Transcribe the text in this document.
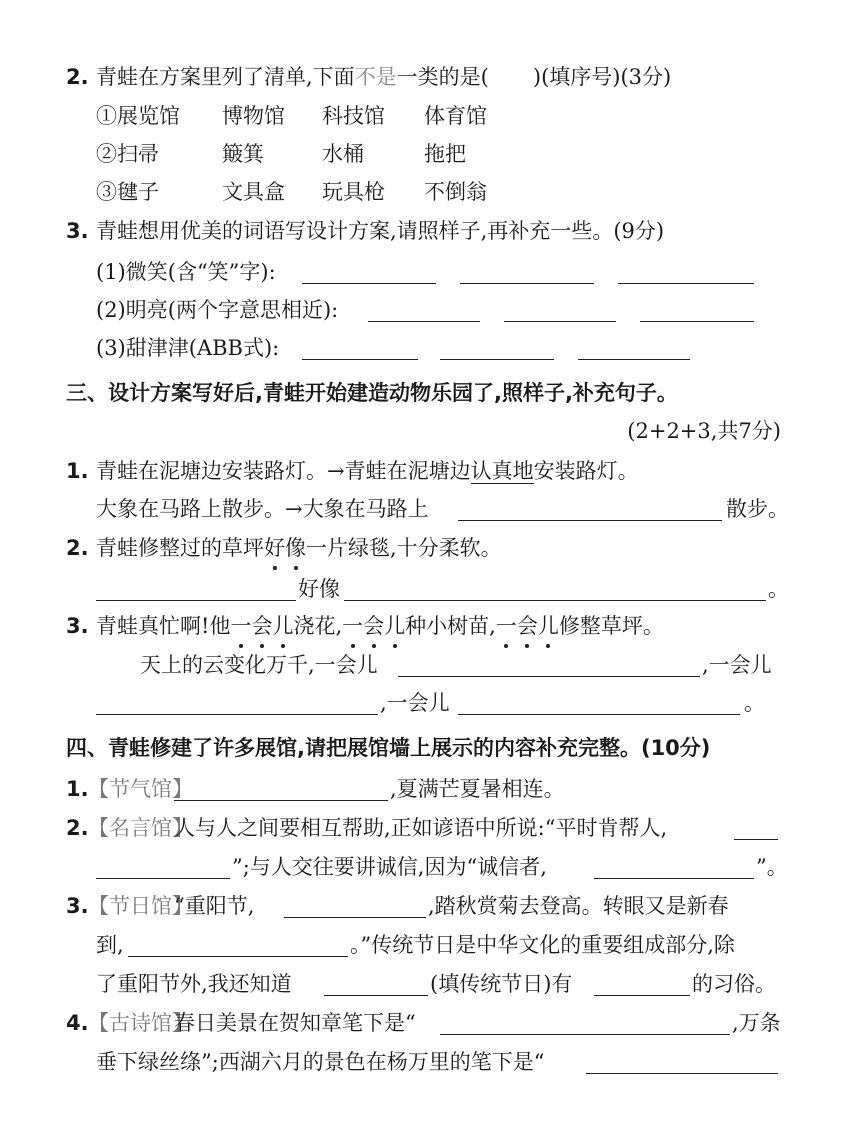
2. 青蛙在方案里列了清单,下面不是一类的是( )(填序号)(3分)
①展览馆 博物馆 科技馆 体育馆
②扫帚	簸箕	水桶	拖把
③毽子	文具盒 玩具枪 不倒翁
3. 青蛙想用优美的词语写设计方案,请照样子,再补充一些。(9分)
(1)微笑(含“笑”字):
(2)明亮(两个字意思相近):
(3)甜津津(ABB式):
三、设计方案写好后,青蛙开始建造动物乐园了,照样子,补充句子。
(2+2+3,共7分)
1. 青蛙在泥塘边安装路灯。→青蛙在泥塘边认真地安装路灯。
大象在马路上散步。→大象在马路上	散步。
2. 青蛙修整过的草坪好像一片绿毯,十分柔软。
好像	。
3. 青蛙真忙啊!他一会儿浇花,一会儿种小树苗,一会儿修整草坪。
天上的云变化万千,一会儿	,一会儿
,一会儿	。
四、青蛙修建了许多展馆,请把展馆墙上展示的内容补充完整。(10分)
1. 【节气馆】	,夏满芒夏暑相连。
2. 【名言馆】
人与人之间要相互帮助,正如谚语中所说:“平时肯帮人,
”;与人交往要讲诚信,因为“诚信者,	”。
3. 【节日馆】
“重阳节,	,踏秋赏菊去登高。转眼又是新春
到,	。”传统节日是中华文化的重要组成部分,除
了重阳节外,我还知道	(填传统节日)有	的习俗。
4. 【古诗馆】
春日美景在贺知章笔下是“	,万条
垂下绿丝绦”;西湖六月的景色在杨万里的笔下是“
